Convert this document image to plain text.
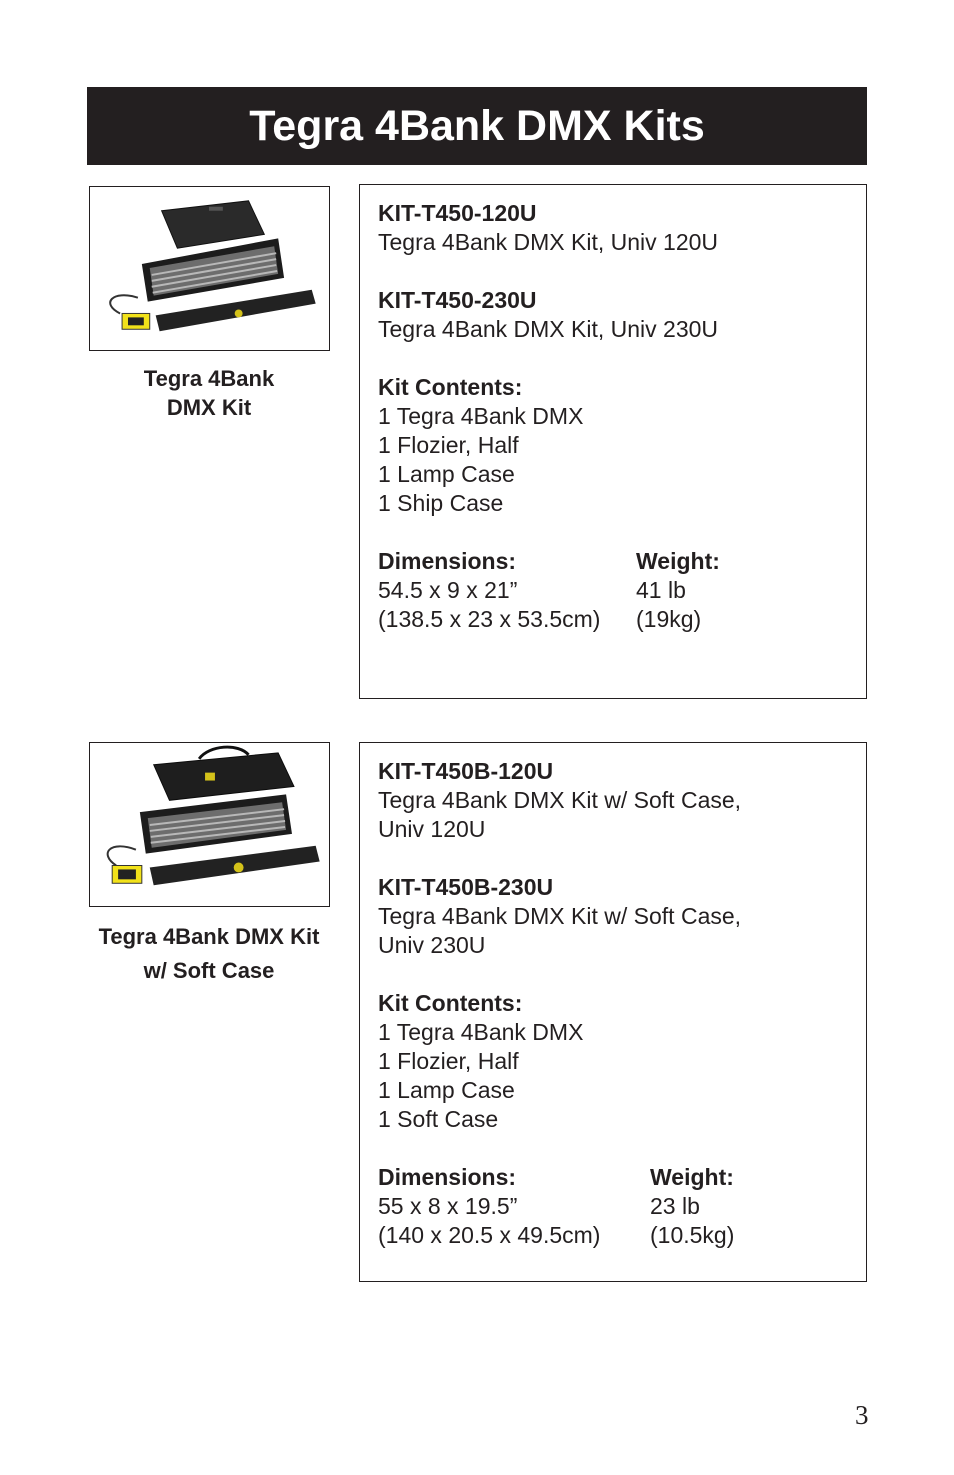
Tegra 4Bank DMX Kits
Tegra 4Bank
DMX Kit
KIT-T450-120U
Tegra 4Bank DMX Kit, Univ 120U
KIT-T450-230U
Tegra 4Bank DMX Kit, Univ 230U
Kit Contents:
1 Tegra 4Bank DMX
1 Flozier, Half
1 Lamp Case
1 Ship Case
Dimensions:
54.5 x 9 x 21”
(138.5 x 23 x 53.5cm)
Weight:
41 lb
(19kg)
Tegra 4Bank DMX Kit
w/ Soft Case
KIT-T450B-120U
Tegra 4Bank DMX Kit w/ Soft Case,
Univ 120U
KIT-T450B-230U
Tegra 4Bank DMX Kit w/ Soft Case,
Univ 230U
Kit Contents:
1 Tegra 4Bank DMX
1 Flozier, Half
1 Lamp Case
1 Soft Case
Dimensions:
55 x 8 x 19.5”
(140 x 20.5 x 49.5cm)
Weight:
23 lb
(10.5kg)
3
